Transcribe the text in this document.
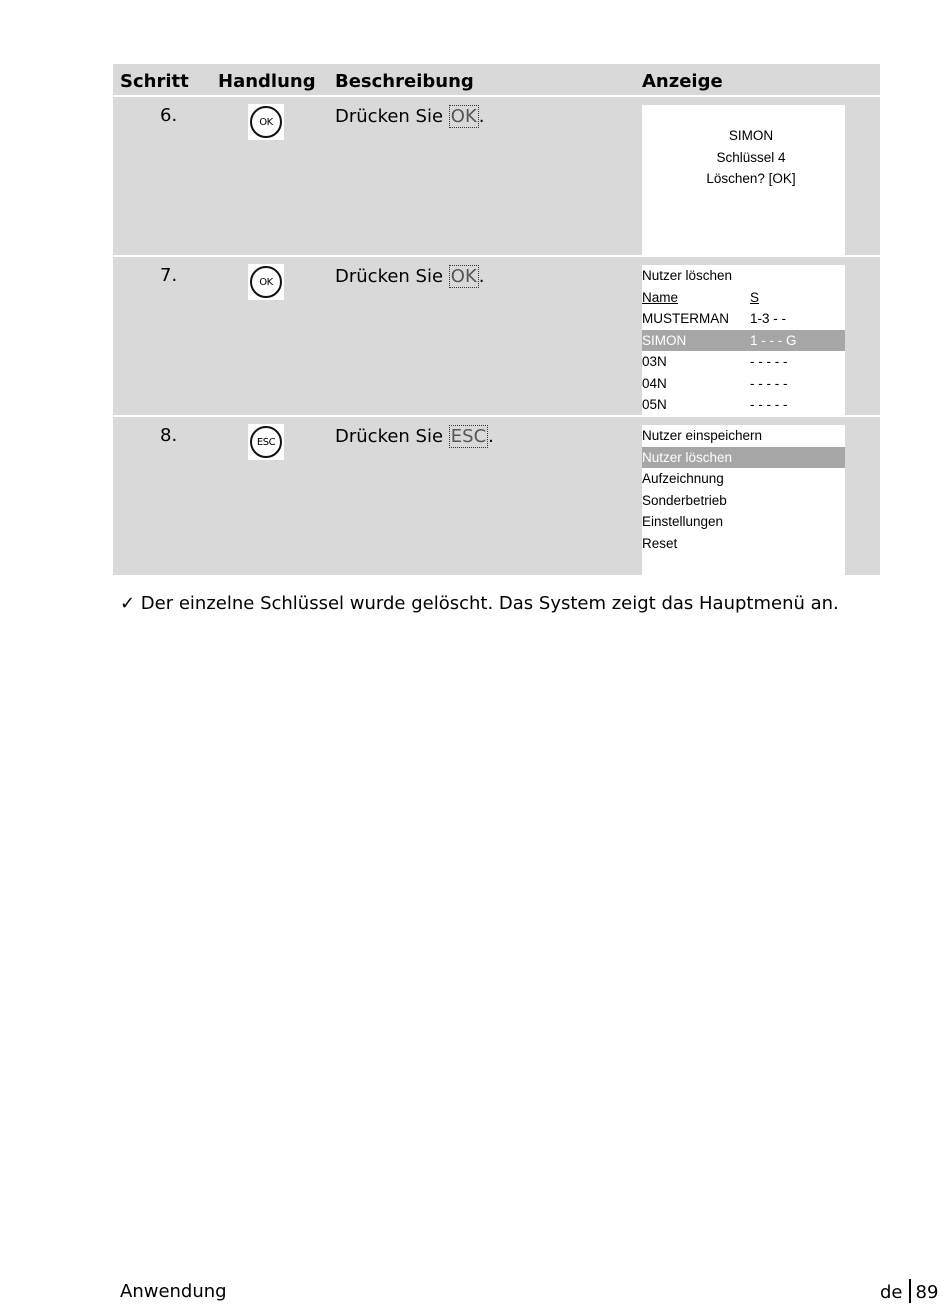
Schritt Handlung Beschreibung	Anzeige
6.	OK	Drücken Sie OK .
SIMON
Schlüssel 4
Löschen? [OK]
7.	OK	Drücken Sie OK .	Nutzer löschen
Name	S
MUSTERMAN 1-3 - -
SIMON	1 - - - G
03N	- - - - -
04N	- - - - -
05N	- - - - -
8.	ESC	Drücken Sie ESC .	Nutzer einspeichern
Nutzer löschen
Aufzeichnung
Sonderbetrieb
Einstellungen
Reset
✓ Der einzelne Schlüssel wurde gelöscht. Das System zeigt das Hauptmenü an.
Anwendung	de 89
